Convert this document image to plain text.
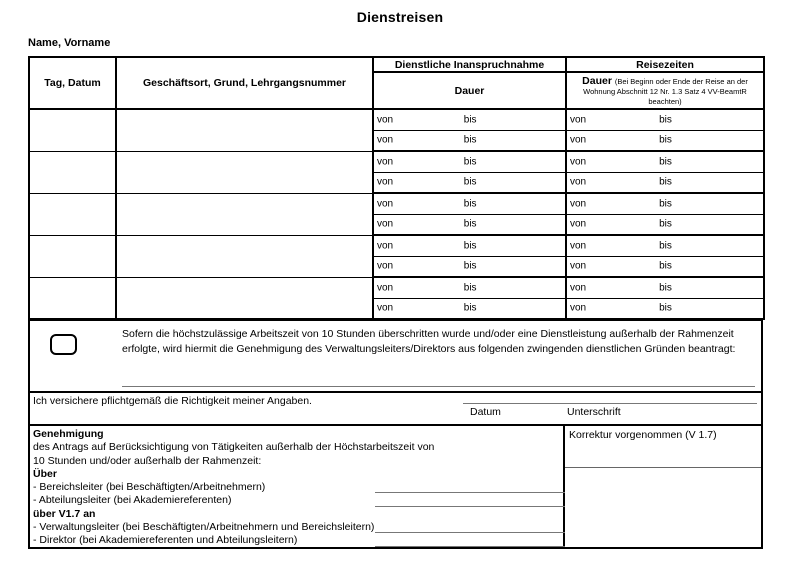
Dienstreisen
Name, Vorname
Tag, Datum	Geschäftsort, Grund, Lehrgangsnummer	Dienstliche Inanspruchnahme	Reisezeiten
		Dauer	Dauer (Bei Beginn oder Ende der Reise an der Wohnung Abschnitt 12 Nr. 1.3 Satz 4 VV-BeamtR beachten)

		von bis	von bis

		von bis	von bis

		von bis	von bis

		von bis	von bis

		von bis	von bis

		von bis	von bis

		von bis	von bis

		von bis	von bis

		von bis	von bis

		von bis	von bis
Sofern die höchstzulässige Arbeitszeit von 10 Stunden überschritten wurde und/oder eine Dienstleistung außerhalb der Rahmenzeit erfolgte, wird hiermit die Genehmigung des Verwaltungsleiters/Direktors aus folgenden zwingenden dienstlichen Gründen beantragt:
Ich versichere pflichtgemäß die Richtigkeit meiner Angaben.
Datum	Unterschrift
Genehmigung
des Antrags auf Berücksichtigung von Tätigkeiten außerhalb der Höchstarbeitszeit von
10 Stunden und/oder außerhalb der Rahmenzeit:
Über
- Bereichsleiter (bei Beschäftigten/Arbeitnehmern)
- Abteilungsleiter (bei Akademiereferenten)
über V1.7 an
- Verwaltungsleiter (bei Beschäftigten/Arbeitnehmern und Bereichsleitern)
- Direktor (bei Akademiereferenten und Abteilungsleitern)
Korrektur vorgenommen (V 1.7)
